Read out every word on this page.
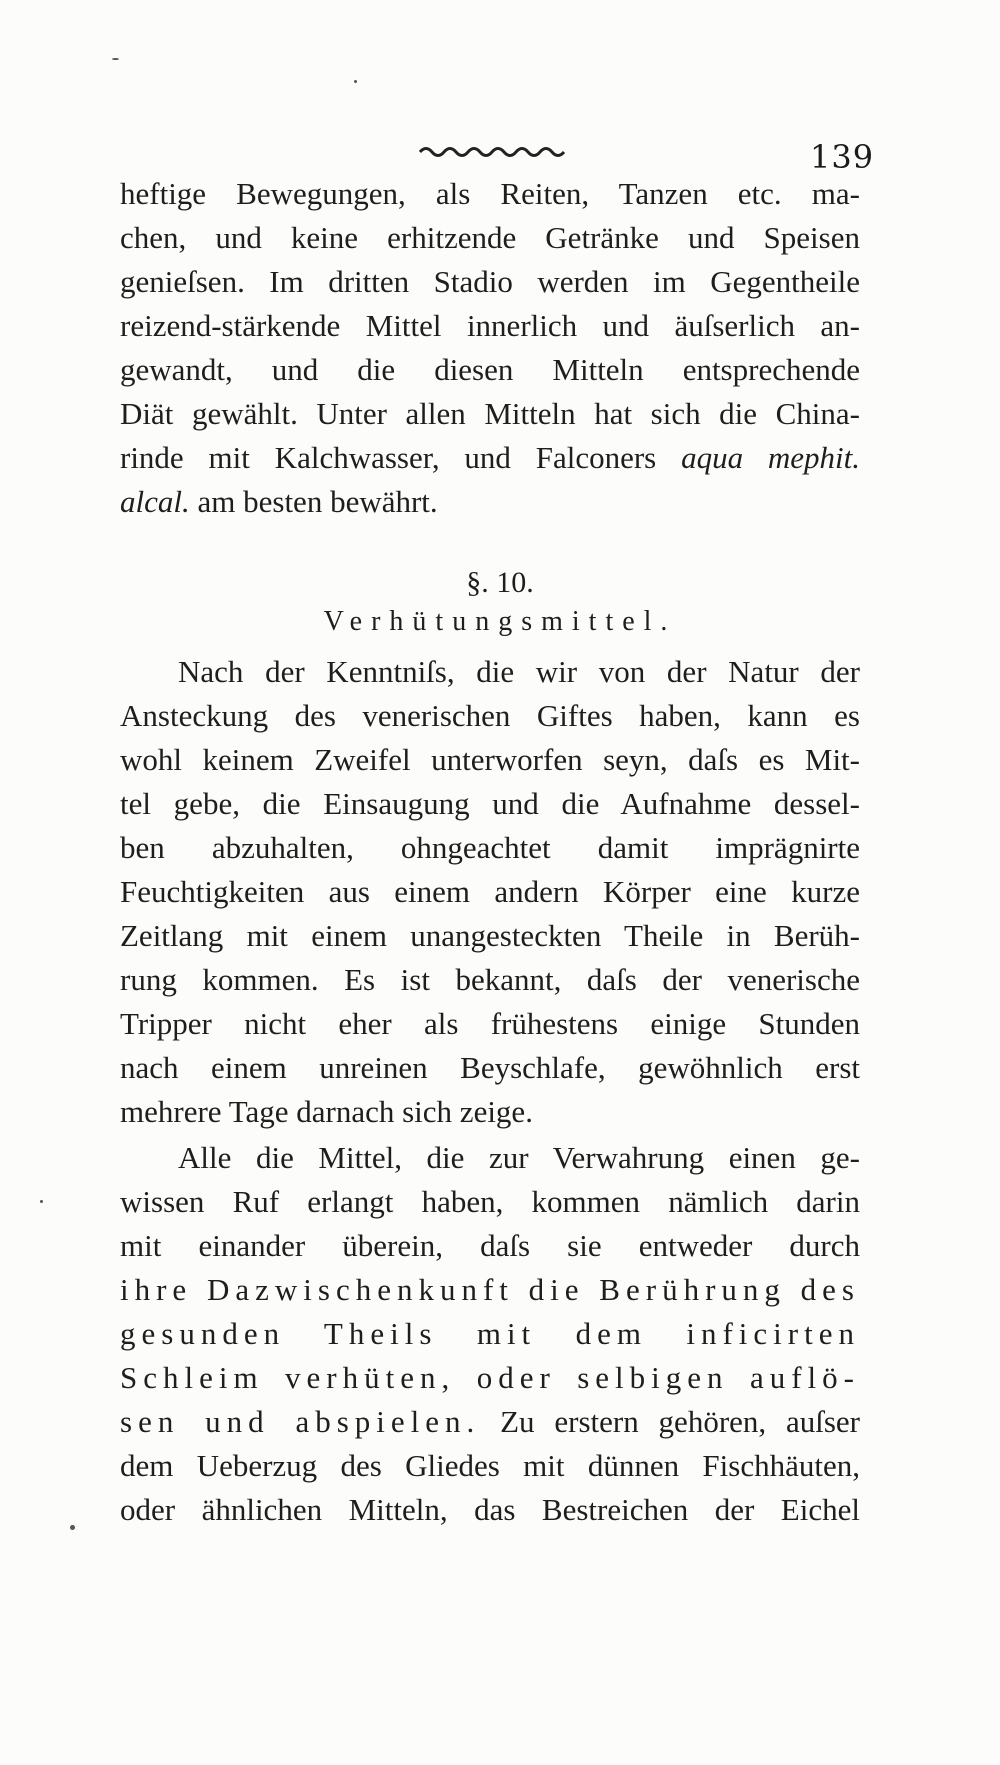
139
heftige Bewegungen, als Reiten, Tanzen etc. ma-
chen, und keine erhitzende Getränke und Speisen
genieſsen. Im dritten Stadio werden im Gegentheile
reizend-stärkende Mittel innerlich und äuſserlich an-
gewandt, und die diesen Mitteln entsprechende
Diät gewählt. Unter allen Mitteln hat sich die China-
rinde mit Kalchwasser, und Falconers aqua mephit.
alcal. am besten bewährt.
§. 10.
Verhütungsmittel.
Nach der Kenntniſs, die wir von der Natur der
Ansteckung des venerischen Giftes haben, kann es
wohl keinem Zweifel unterworfen seyn, daſs es Mit-
tel gebe, die Einsaugung und die Aufnahme dessel-
ben abzuhalten, ohngeachtet damit imprägnirte
Feuchtigkeiten aus einem andern Körper eine kurze
Zeitlang mit einem unangesteckten Theile in Berüh-
rung kommen. Es ist bekannt, daſs der venerische
Tripper nicht eher als frühestens einige Stunden
nach einem unreinen Beyschlafe, gewöhnlich erst
mehrere Tage darnach sich zeige.
Alle die Mittel, die zur Verwahrung einen ge-
wissen Ruf erlangt haben, kommen nämlich darin
mit einander überein, daſs sie entweder durch
ihre Dazwischenkunft die Berührung des
gesunden Theils mit dem inficirten
Schleim verhüten, oder selbigen auflö-
sen und abspielen. Zu erstern gehören, auſser
dem Ueberzug des Gliedes mit dünnen Fischhäuten,
oder ähnlichen Mitteln, das Bestreichen der Eichel
